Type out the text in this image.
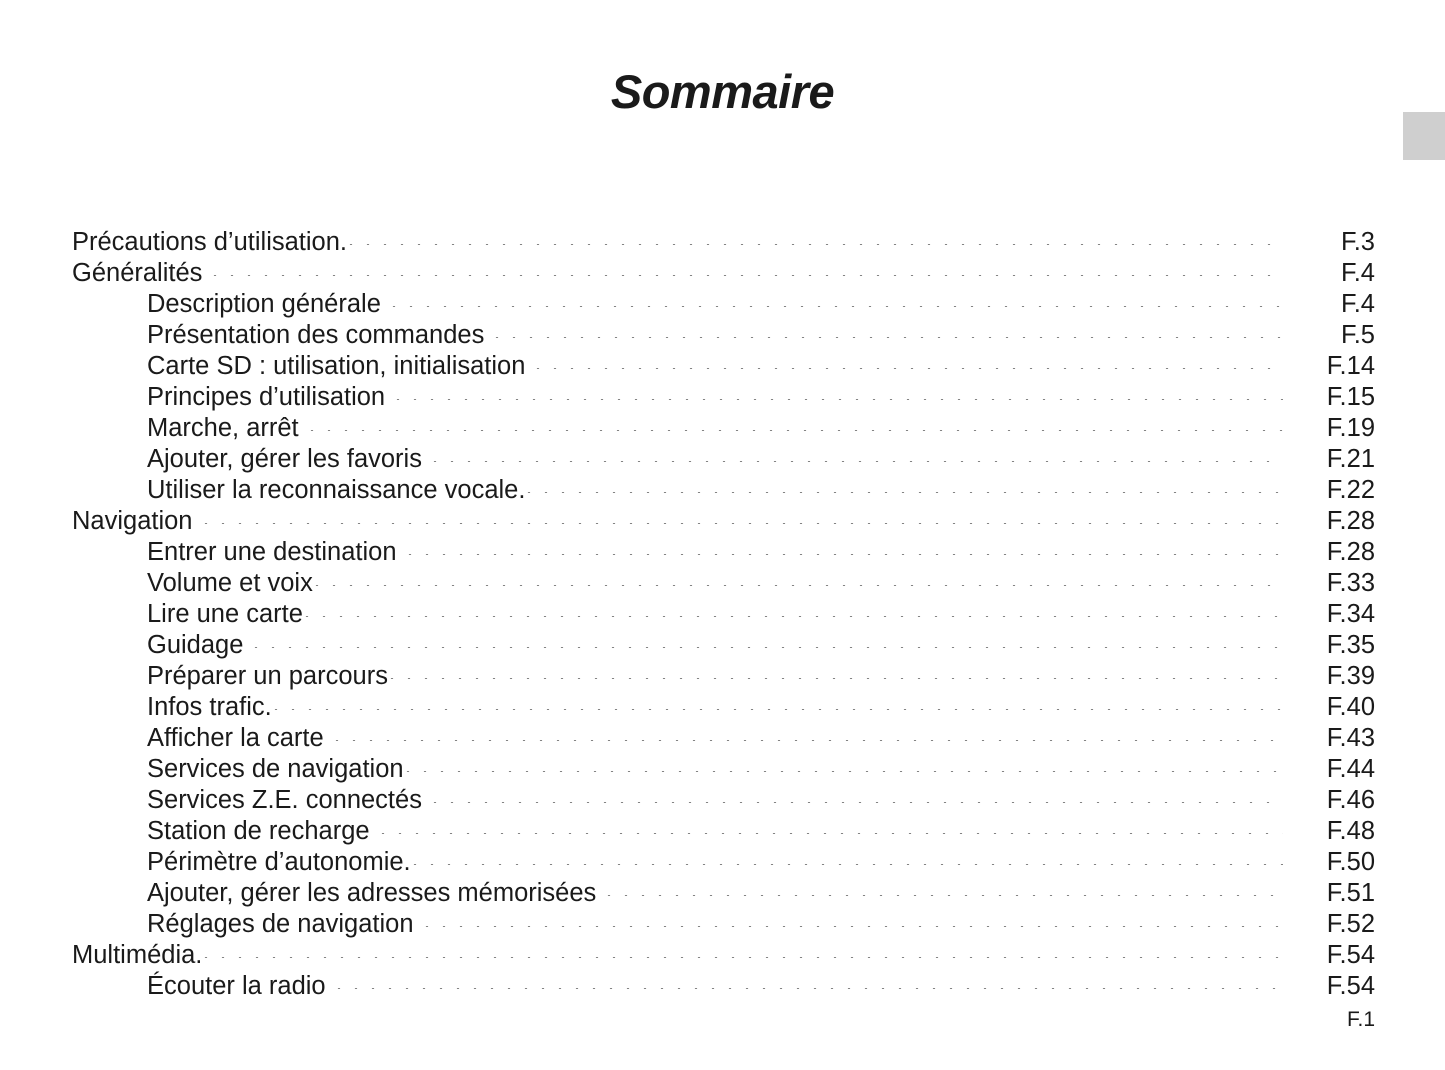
Sommaire
Précautions d’utilisation.	F.3
Généralités	F.4
Description générale	F.4
Présentation des commandes	F.5
Carte SD : utilisation, initialisation	F.14
Principes d’utilisation	F.15
Marche, arrêt	F.19
Ajouter, gérer les favoris	F.21
Utiliser la reconnaissance vocale.	F.22
Navigation	F.28
Entrer une destination	F.28
Volume et voix	F.33
Lire une carte	F.34
Guidage	F.35
Préparer un parcours	F.39
Infos trafic.	F.40
Afficher la carte	F.43
Services de navigation	F.44
Services Z.E. connectés	F.46
Station de recharge	F.48
Périmètre d’autonomie.	F.50
Ajouter, gérer les adresses mémorisées	F.51
Réglages de navigation	F.52
Multimédia.	F.54
Écouter la radio	F.54
F.1
